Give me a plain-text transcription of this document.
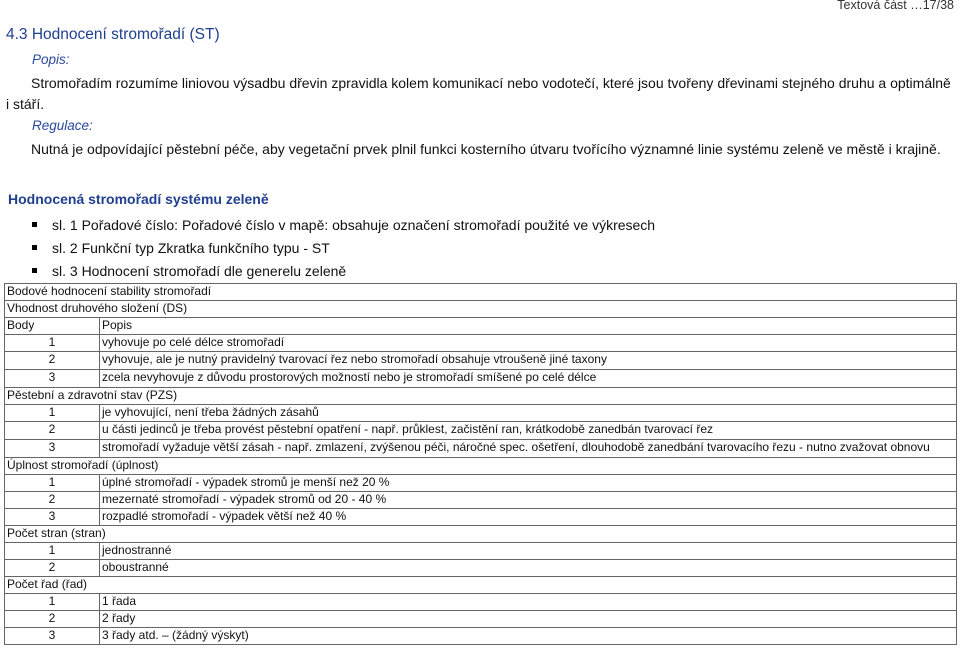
Textová část …17/38
4.3 Hodnocení stromořadí (ST)
Popis:
Stromořadím rozumíme liniovou výsadbu dřevin zpravidla kolem komunikací nebo vodotečí, které jsou tvořeny dřevinami stejného druhu a optimálně i stáří.
Regulace:
Nutná je odpovídající pěstební péče, aby vegetační prvek plnil funkci kosterního útvaru tvořícího významné linie systému zeleně ve městě i krajině.
Hodnocená stromořadí systému zeleně
sl. 1 Pořadové číslo: Pořadové číslo v mapě: obsahuje označení stromořadí použité ve výkresech
sl. 2 Funkční typ Zkratka funkčního typu - ST
sl. 3 Hodnocení stromořadí dle generelu zeleně
Bodové hodnocení stability stromořadí	
Vhodnost druhového složení (DS)	
Body	Popis
1	vyhovuje po celé délce stromořadí
2	vyhovuje, ale je nutný pravidelný tvarovací řez nebo stromořadí obsahuje vtroušeně jiné taxony
3	zcela nevyhovuje z důvodu prostorových možností nebo je stromořadí smíšené po celé délce
Pěstební a zdravotní stav (PZS)	
1	je vyhovující, není třeba žádných zásahů
2	u části jedinců je třeba provést pěstební opatření - např. průklest, začistění ran, krátkodobě zanedbán tvarovací řez
3	stromořadí vyžaduje větší zásah - např. zmlazení, zvýšenou péči, náročné spec. ošetření, dlouhodobě zanedbání tvarovacího řezu - nutno zvažovat obnovu
Úplnost stromořadí (úplnost)	
1	úplné stromořadí - výpadek stromů je menší než 20 %
2	mezernaté stromořadí - výpadek stromů od 20 - 40 %
3	rozpadlé stromořadí - výpadek větší než 40 %
Počet stran (stran)	
1	jednostranné
2	oboustranné
Počet řad (řad)	
1	1 řada
2	2 řady
3	3 řady atd. – (žádný výskyt)
